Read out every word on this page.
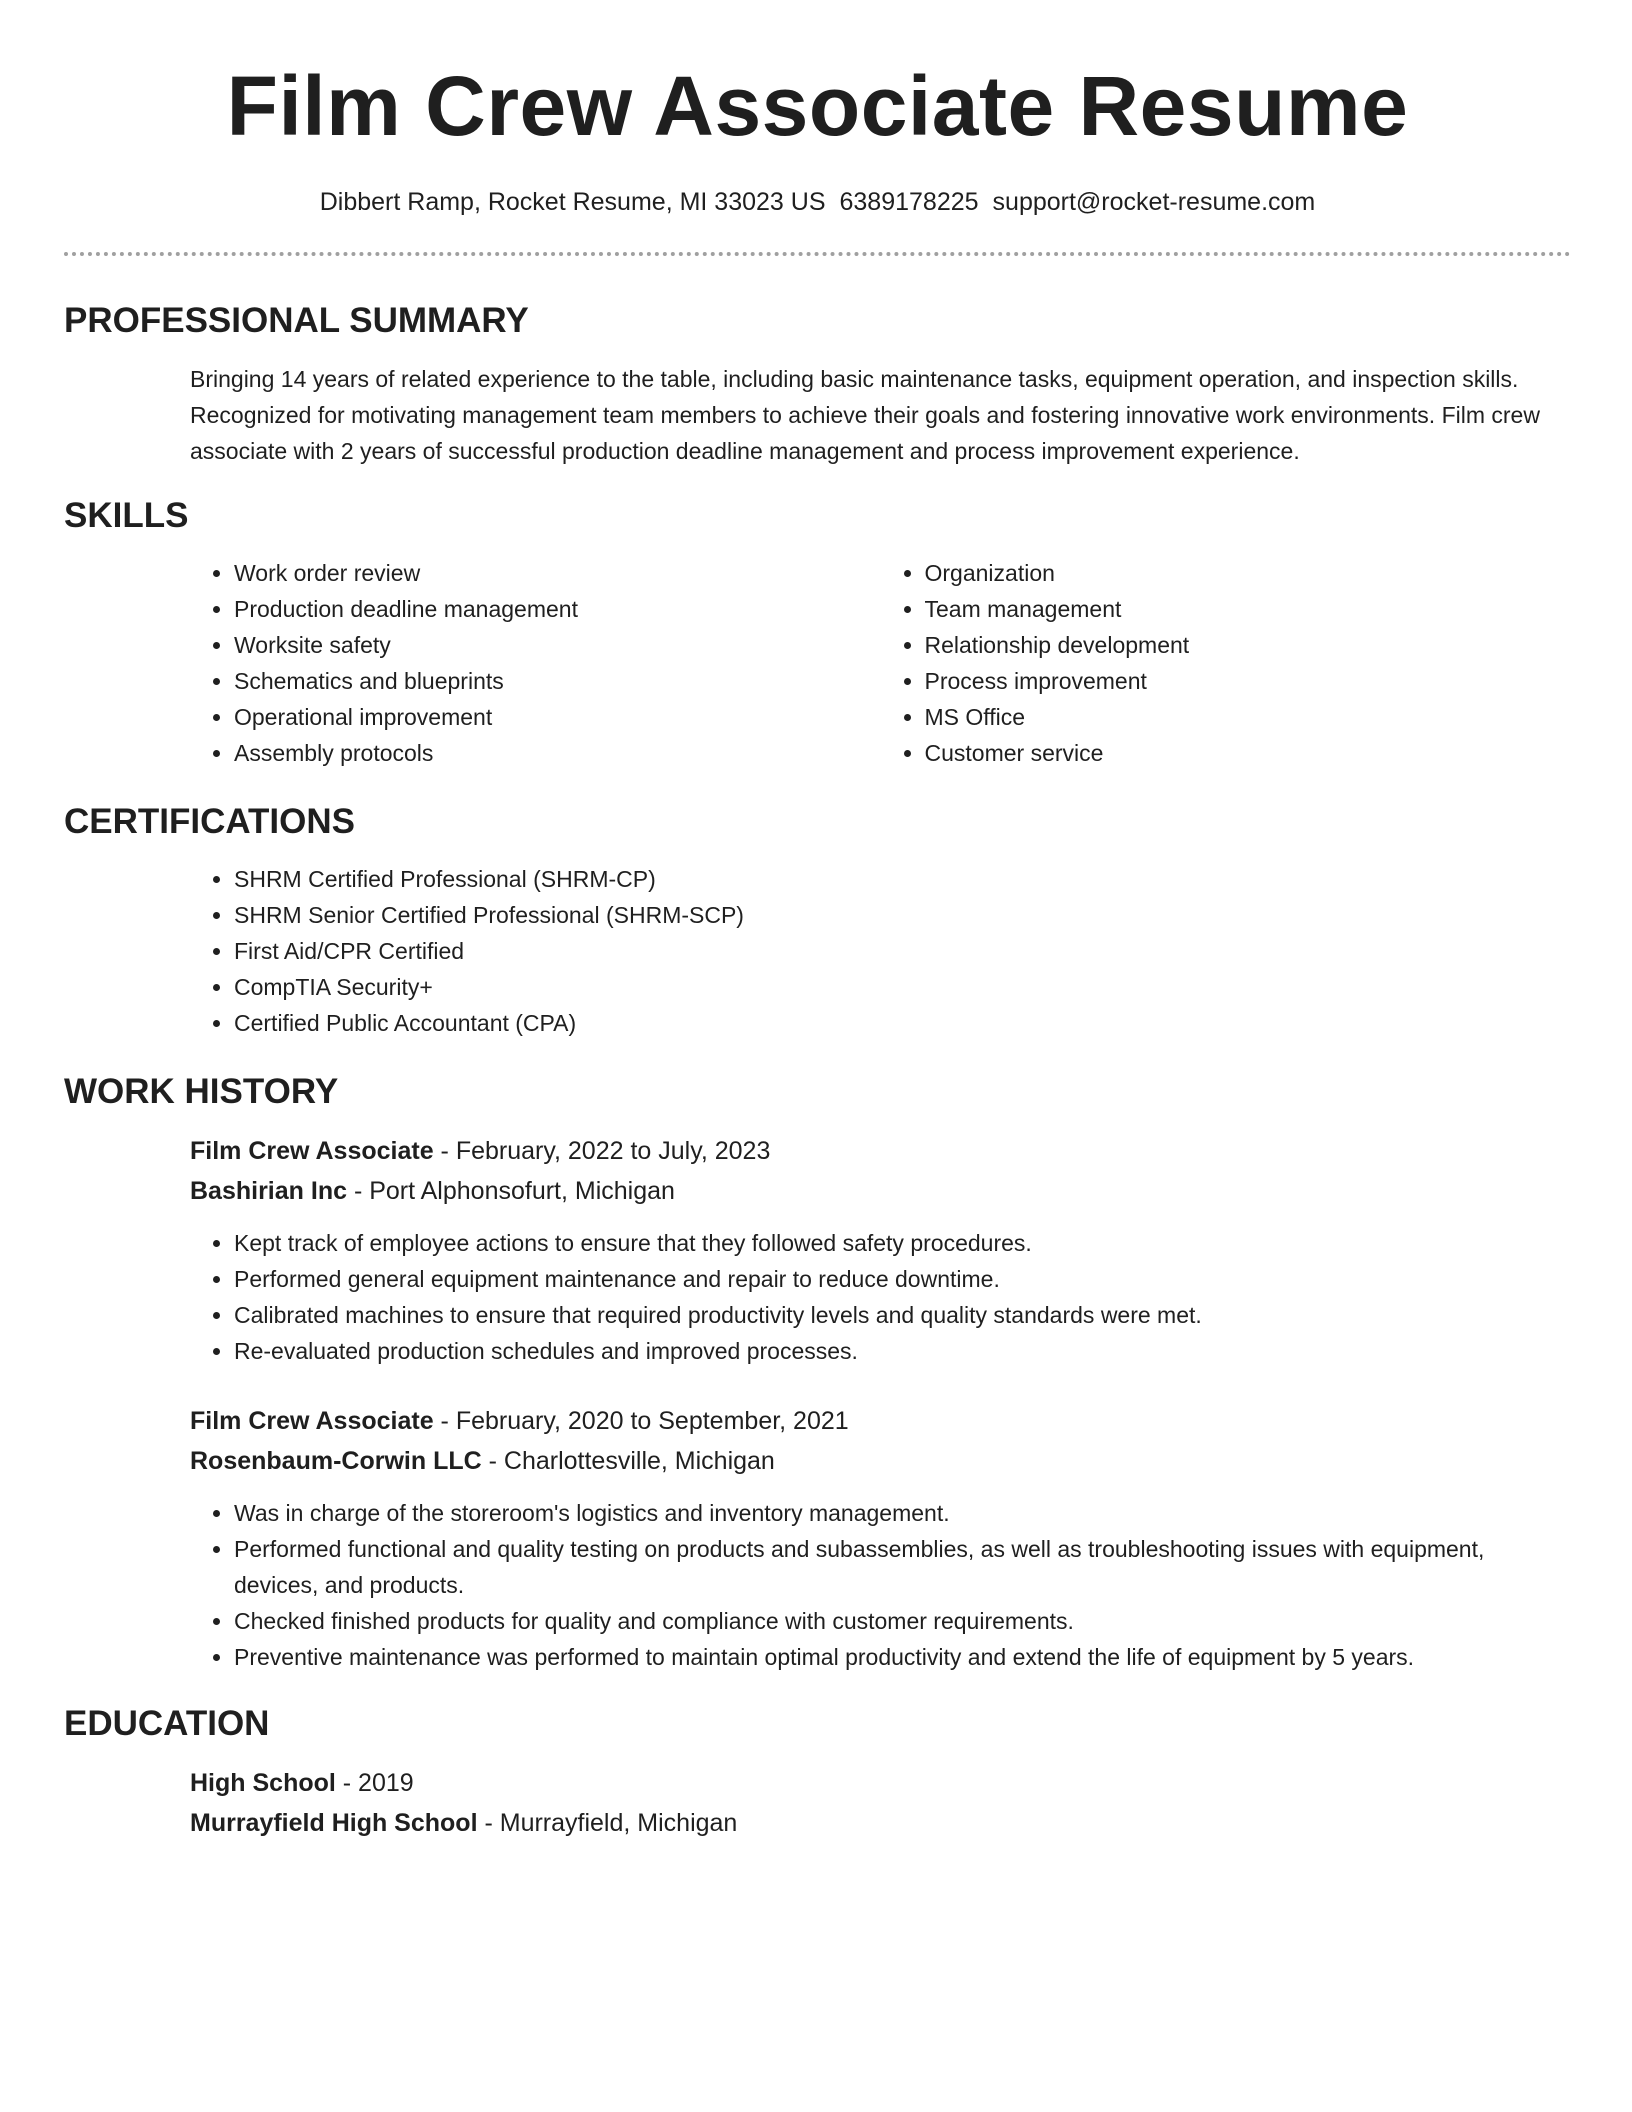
Film Crew Associate Resume
Dibbert Ramp, Rocket Resume, MI 33023 US 6389178225 support@rocket-resume.com
PROFESSIONAL SUMMARY

Bringing 14 years of related experience to the table, including basic maintenance tasks, equipment operation, and inspection skills. Recognized for motivating management team members to achieve their goals and fostering innovative work environments. Film crew associate with 2 years of successful production deadline management and process improvement experience.

SKILLS
• Work order review
• Production deadline management
• Worksite safety
• Schematics and blueprints
• Operational improvement
• Assembly protocols
• Organization
• Team management
• Relationship development
• Process improvement
• MS Office
• Customer service
CERTIFICATIONS
• SHRM Certified Professional (SHRM-CP)
• SHRM Senior Certified Professional (SHRM-SCP)
• First Aid/CPR Certified
• CompTIA Security+
• Certified Public Accountant (CPA)
WORK HISTORY
Film Crew Associate - February, 2022 to July, 2023
Bashirian Inc - Port Alphonsofurt, Michigan
• Kept track of employee actions to ensure that they followed safety procedures.
• Performed general equipment maintenance and repair to reduce downtime.
• Calibrated machines to ensure that required productivity levels and quality standards were met.
• Re-evaluated production schedules and improved processes.
Film Crew Associate - February, 2020 to September, 2021
Rosenbaum-Corwin LLC - Charlottesville, Michigan
• Was in charge of the storeroom's logistics and inventory management.
• Performed functional and quality testing on products and subassemblies, as well as troubleshooting issues with equipment, devices, and products.
• Checked finished products for quality and compliance with customer requirements.
• Preventive maintenance was performed to maintain optimal productivity and extend the life of equipment by 5 years.
EDUCATION
High School - 2019
Murrayfield High School - Murrayfield, Michigan
